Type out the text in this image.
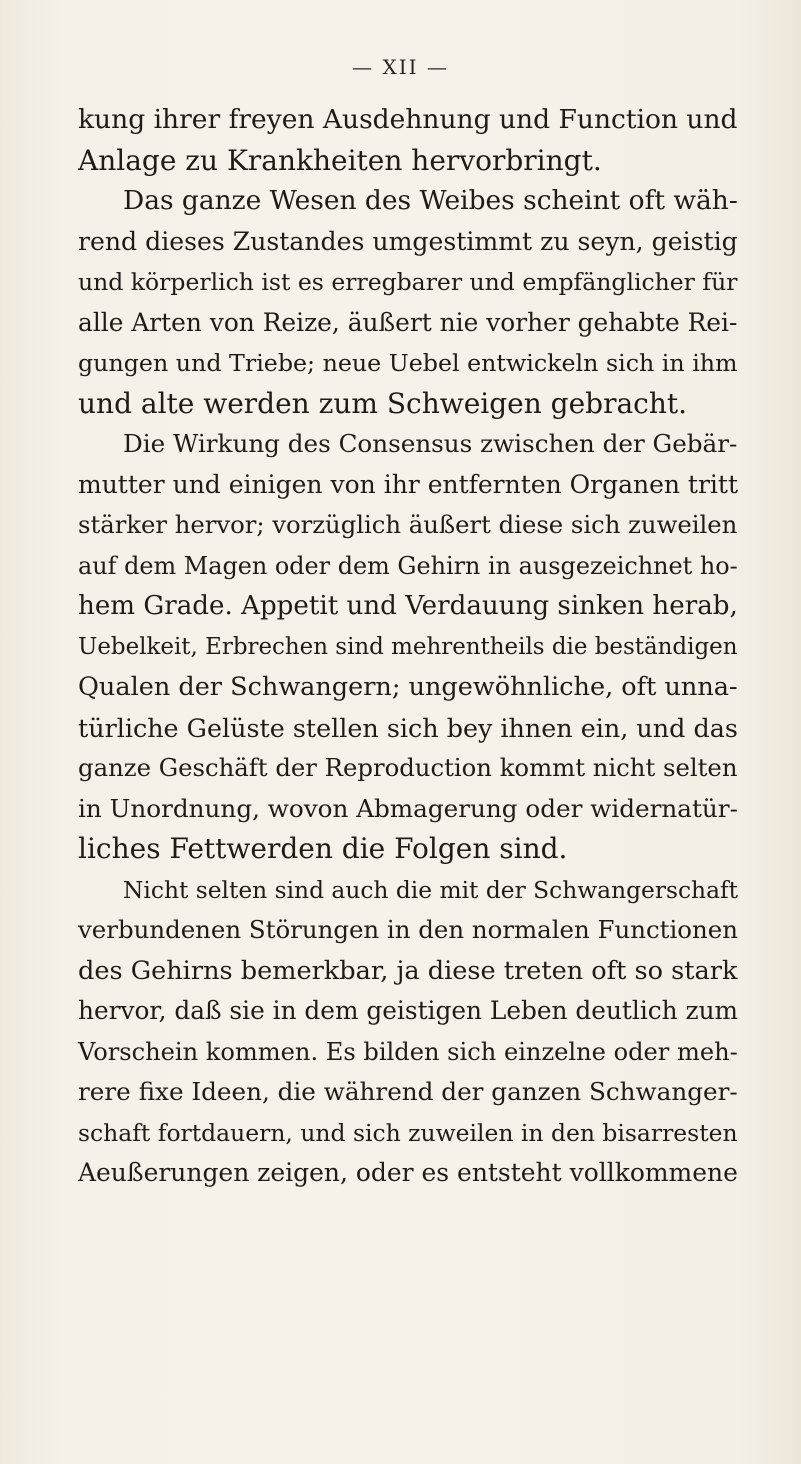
— XII —

kung ihrer freyen Ausdehnung und Function und
Anlage zu Krankheiten hervorbringt.

Das ganze Wesen des Weibes scheint oft wäh-
rend dieses Zustandes umgestimmt zu seyn, geistig
und körperlich ist es erregbarer und empfänglicher für
alle Arten von Reize, äußert nie vorher gehabte Rei-
gungen und Triebe; neue Uebel entwickeln sich in ihm
und alte werden zum Schweigen gebracht.

Die Wirkung des Consensus zwischen der Gebär-
mutter und einigen von ihr entfernten Organen tritt
stärker hervor; vorzüglich äußert diese sich zuweilen
auf dem Magen oder dem Gehirn in ausgezeichnet ho-
hem Grade. Appetit und Verdauung sinken herab,
Uebelkeit, Erbrechen sind mehrentheils die beständigen
Qualen der Schwangern; ungewöhnliche, oft unna-
türliche Gelüste stellen sich bey ihnen ein, und das
ganze Geschäft der Reproduction kommt nicht selten
in Unordnung, wovon Abmagerung oder widernatür-
liches Fettwerden die Folgen sind.

Nicht selten sind auch die mit der Schwangerschaft
verbundenen Störungen in den normalen Functionen
des Gehirns bemerkbar, ja diese treten oft so stark
hervor, daß sie in dem geistigen Leben deutlich zum
Vorschein kommen. Es bilden sich einzelne oder meh-
rere fixe Ideen, die während der ganzen Schwanger-
schaft fortdauern, und sich zuweilen in den bisarresten
Aeußerungen zeigen, oder es entsteht vollkommene
